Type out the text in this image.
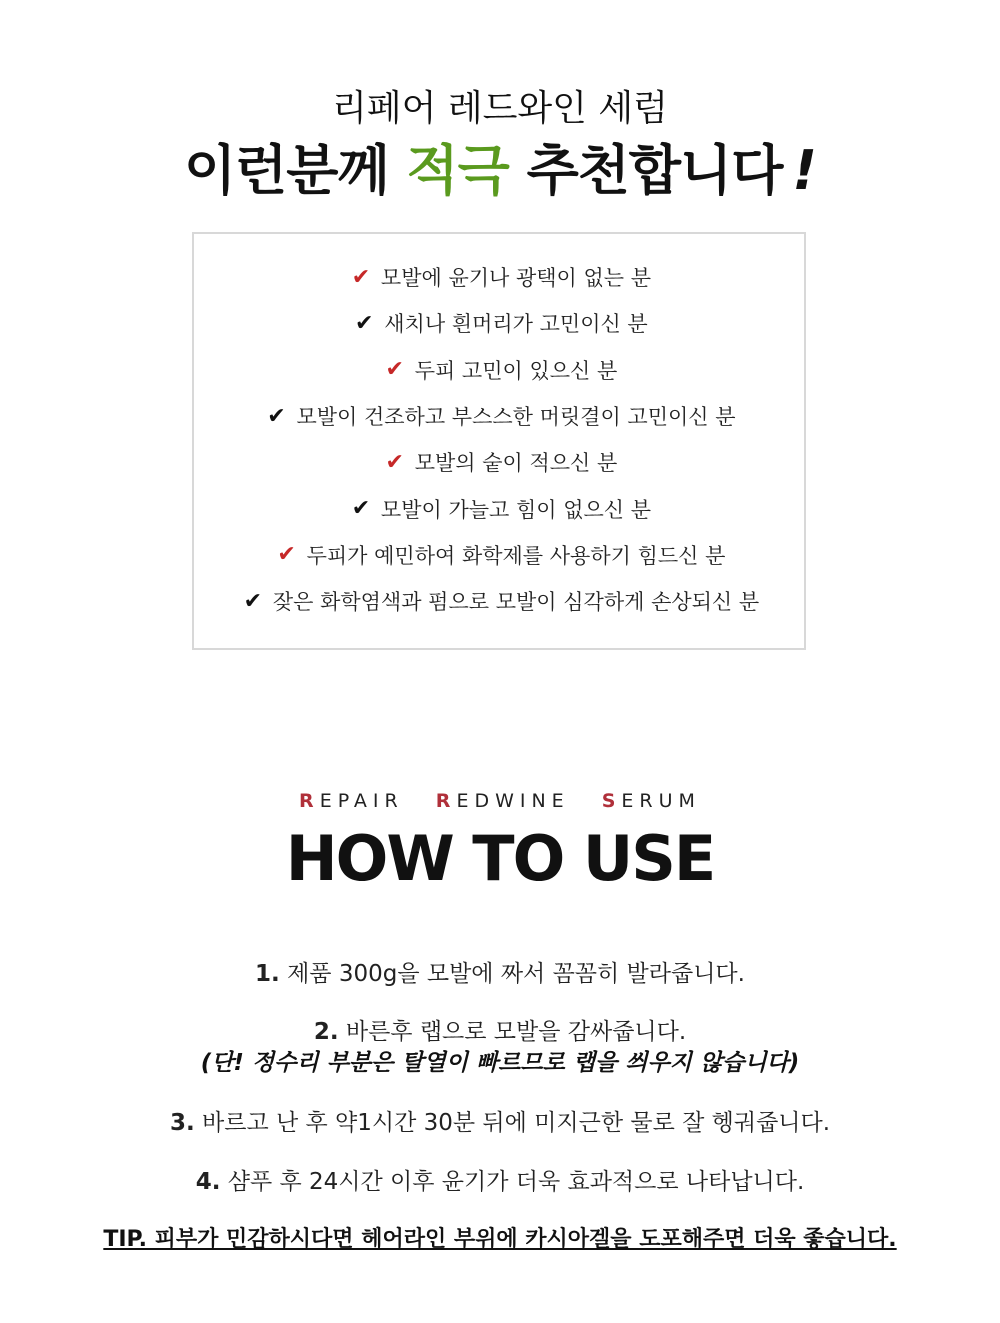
리페어 레드와인 세럼
이런분께 적극 추천합니다 !
✔ 모발에 윤기나 광택이 없는 분
✔ 새치나 흰머리가 고민이신 분
✔ 두피 고민이 있으신 분
✔ 모발이 건조하고 부스스한 머릿결이 고민이신 분
✔ 모발의 숱이 적으신 분
✔ 모발이 가늘고 힘이 없으신 분
✔ 두피가 예민하여 화학제를 사용하기 힘드신 분
✔ 잦은 화학염색과 펌으로 모발이 심각하게 손상되신 분
REPAIR REDWINE SERUM
HOW TO USE
1. 제품 300g을 모발에 짜서 꼼꼼히 발라줍니다.
2. 바른후 랩으로 모발을 감싸줍니다.
(단! 정수리 부분은 탈열이 빠르므로 랩을 씌우지 않습니다)
3. 바르고 난 후 약1시간 30분 뒤에 미지근한 물로 잘 헹궈줍니다.
4. 샴푸 후 24시간 이후 윤기가 더욱 효과적으로 나타납니다.
TIP. 피부가 민감하시다면 헤어라인 부위에 카시아겔을 도포해주면 더욱 좋습니다.
